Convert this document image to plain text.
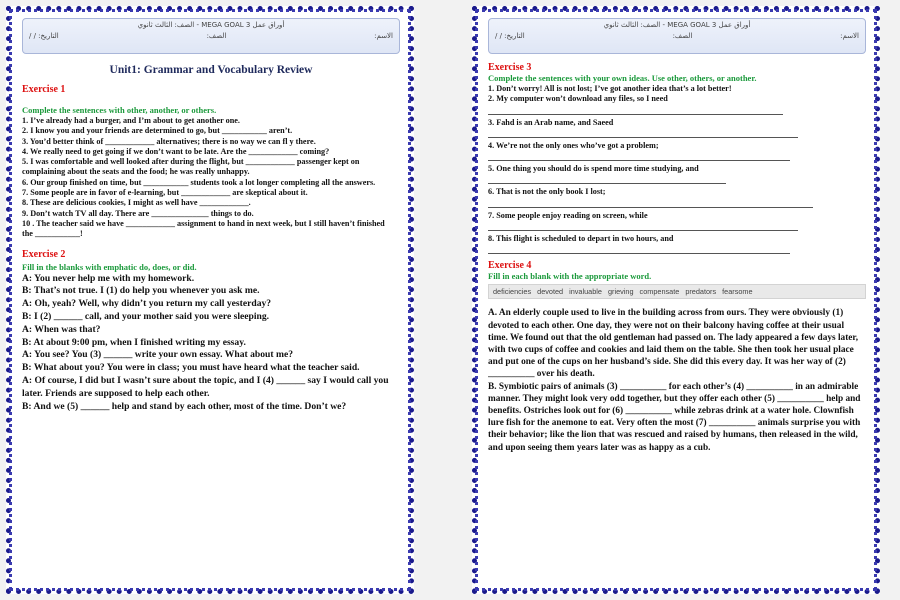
أوراق عمل MEGA GOAL 3 - الصف: الثالث ثانوي
الاسم:
الصف:
التاريخ: / /
Unit1: Grammar and Vocabulary Review
Exercise 1
Complete the sentences with other, another, or others.

1. I’ve already had a burger, and I’m about to get another one.

2. I know you and your friends are determined to go, but ___________ aren’t.

3. You’d better think of ____________ alternatives; there is no way we can fl y there.

4. We really need to get going if we don’t want to be late. Are the ____________ coming?

5. I was comfortable and well looked after during the flight, but ____________ passenger kept on

complaining about the seats and the food; he was really unhappy.

6. Our group finished on time, but ___________ students took a lot longer completing all the answers.

7. Some people are in favor of e-learning, but ____________ are skeptical about it.

8. These are delicious cookies, I might as well have ____________.

9. Don’t watch TV all day. There are ______________ things to do.

10 . The teacher said we have ____________ assignment to hand in next week, but I still haven’t finished

the ___________!

Exercise 2
Fill in the blanks with emphatic do, does, or did.

A: You never help me with my homework.

B: That’s not true. I (1) do help you whenever you ask me.

A: Oh, yeah? Well, why didn’t you return my call yesterday?

B: I (2) ______ call, and your mother said you were sleeping.

A: When was that?

B: At about 9:00 pm, when I finished writing my essay.

A: You see? You (3) ______ write your own essay. What about me?

B: What about you? You were in class; you must have heard what the teacher said.

A: Of course, I did but I wasn’t sure about the topic, and I (4) ______ say I would call you later. Friends are supposed to help each other.

B: And we (5) ______ help and stand by each other, most of the time. Don’t we?

أوراق عمل MEGA GOAL 3 - الصف: الثالث ثانوي
الاسم:
الصف:
التاريخ: / /
Exercise 3
Complete the sentences with your own ideas. Use other, others, or another.

1. Don’t worry! All is not lost; I’ve got another idea that’s a lot better!

2. My computer won’t download any files, so I need

3. Fahd is an Arab name, and Saeed

4. We’re not the only ones who’ve got a problem;

5. One thing you should do is spend more time studying, and

6. That is not the only book I lost;

7. Some people enjoy reading on screen, while

8. This flight is scheduled to depart in two hours, and

Exercise 4
Fill in each blank with the appropriate word.
deficiencies devoted invaluable grieving compensate predators fearsome

A. An elderly couple used to live in the building across from ours. They were obviously (1) devoted to each other. One day, they were not on their balcony having coffee at their usual time. We found out that the old gentleman had passed on. The lady appeared a few days later, with two cups of coffee and cookies and laid them on the table. She then took her usual place and put one of the cups on her husband’s side. She did this every day. It was her way of (2) __________ over his death.

B. Symbiotic pairs of animals (3) __________ for each other’s (4) __________ in an admirable manner. They might look very odd together, but they offer each other (5) __________ help and benefits. Ostriches look out for (6) __________ while zebras drink at a water hole. Clownfish lure fish for the anemone to eat. Very often the most (7) __________ animals surprise you with their behavior; like the lion that was rescued and raised by humans, then released in the wild, and upon seeing them years later was as happy as a cub.
